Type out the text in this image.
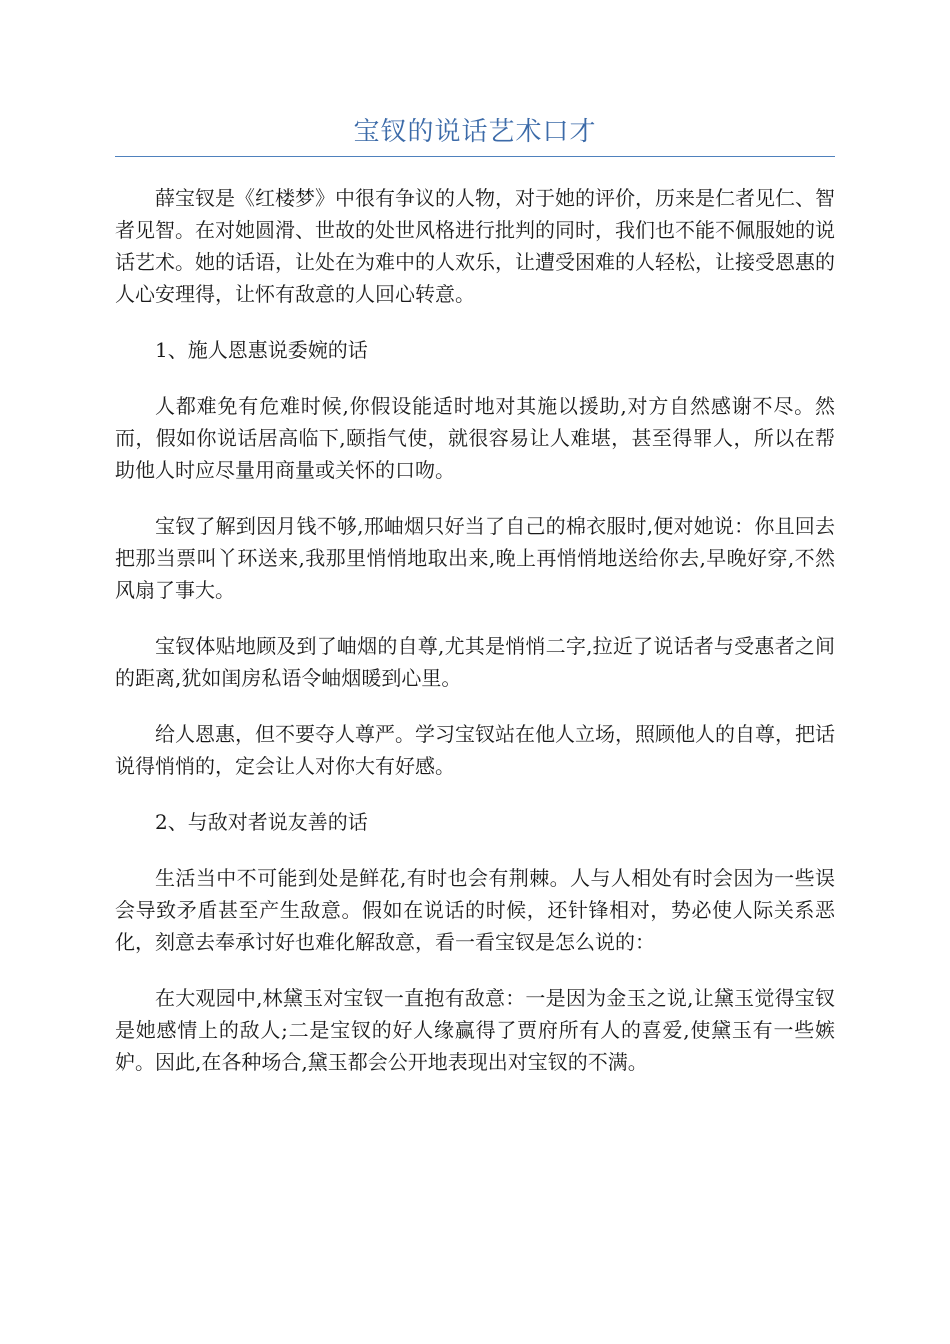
宝钗的说话艺术口才

薛宝钗是《红楼梦》中很有争议的人物，对于她的评价，历来是仁者见仁、智者见智。在对她圆滑、世故的处世风格进行批判的同时，我们也不能不佩服她的说话艺术。她的话语，让处在为难中的人欢乐，让遭受困难的人轻松，让接受恩惠的人心安理得，让怀有敌意的人回心转意。

1、施人恩惠说委婉的话

人都难免有危难时候,你假设能适时地对其施以援助,对方自然感谢不尽。然而，假如你说话居高临下,颐指气使，就很容易让人难堪，甚至得罪人，所以在帮助他人时应尽量用商量或关怀的口吻。

宝钗了解到因月钱不够,邢岫烟只好当了自己的棉衣服时,便对她说：你且回去把那当票叫丫环送来,我那里悄悄地取出来,晚上再悄悄地送给你去,早晚好穿,不然风扇了事大。

宝钗体贴地顾及到了岫烟的自尊,尤其是悄悄二字,拉近了说话者与受惠者之间的距离,犹如闺房私语令岫烟暖到心里。

给人恩惠，但不要夺人尊严。学习宝钗站在他人立场，照顾他人的自尊，把话说得悄悄的，定会让人对你大有好感。

2、与敌对者说友善的话

生活当中不可能到处是鲜花,有时也会有荆棘。人与人相处有时会因为一些误会导致矛盾甚至产生敌意。假如在说话的时候，还针锋相对，势必使人际关系恶化，刻意去奉承讨好也难化解敌意，看一看宝钗是怎么说的：

在大观园中,林黛玉对宝钗一直抱有敌意：一是因为金玉之说,让黛玉觉得宝钗是她感情上的敌人;二是宝钗的好人缘赢得了贾府所有人的喜爱,使黛玉有一些嫉妒。因此,在各种场合,黛玉都会公开地表现出对宝钗的不满。
